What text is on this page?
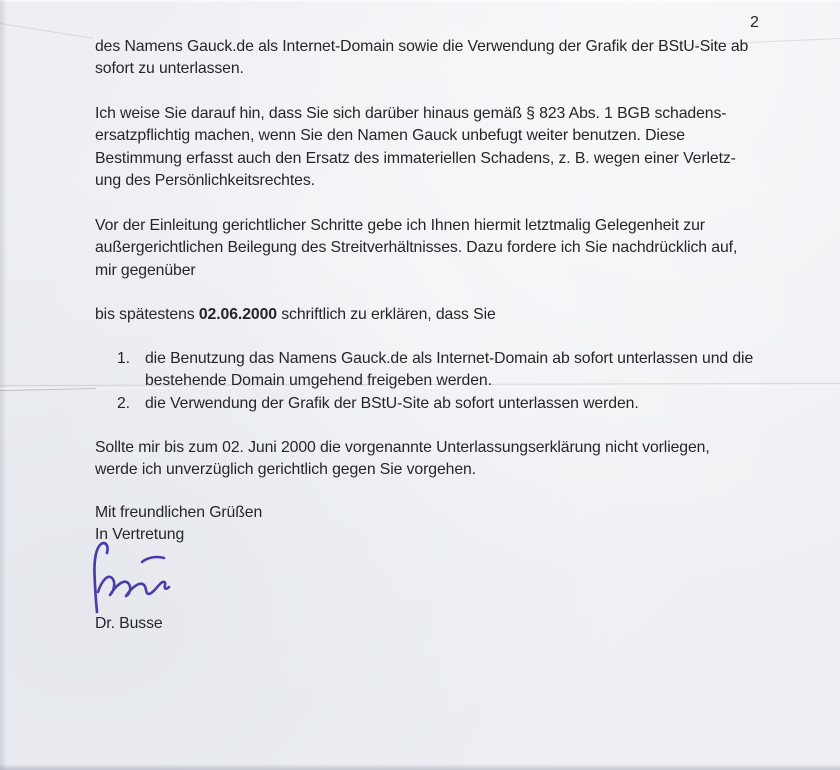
2
des Namens Gauck.de als Internet-Domain sowie die Verwendung der Grafik der BStU-Site ab
sofort zu unterlassen.
Ich weise Sie darauf hin, dass Sie sich darüber hinaus gemäß § 823 Abs. 1 BGB schadens-
ersatzpflichtig machen, wenn Sie den Namen Gauck unbefugt weiter benutzen. Diese
Bestimmung erfasst auch den Ersatz des immateriellen Schadens, z. B. wegen einer Verletz-
ung des Persönlichkeitsrechtes.
Vor der Einleitung gerichtlicher Schritte gebe ich Ihnen hiermit letztmalig Gelegenheit zur
außergerichtlichen Beilegung des Streitverhältnisses. Dazu fordere ich Sie nachdrücklich auf,
mir gegenüber
bis spätestens 02.06.2000 schriftlich zu erklären, dass Sie
1. die Benutzung das Namens Gauck.de als Internet-Domain ab sofort unterlassen und die
bestehende Domain umgehend freigeben werden.
2. die Verwendung der Grafik der BStU-Site ab sofort unterlassen werden.
Sollte mir bis zum 02. Juni 2000 die vorgenannte Unterlassungserklärung nicht vorliegen,
werde ich unverzüglich gerichtlich gegen Sie vorgehen.
Mit freundlichen Grüßen
In Vertretung
Dr. Busse
